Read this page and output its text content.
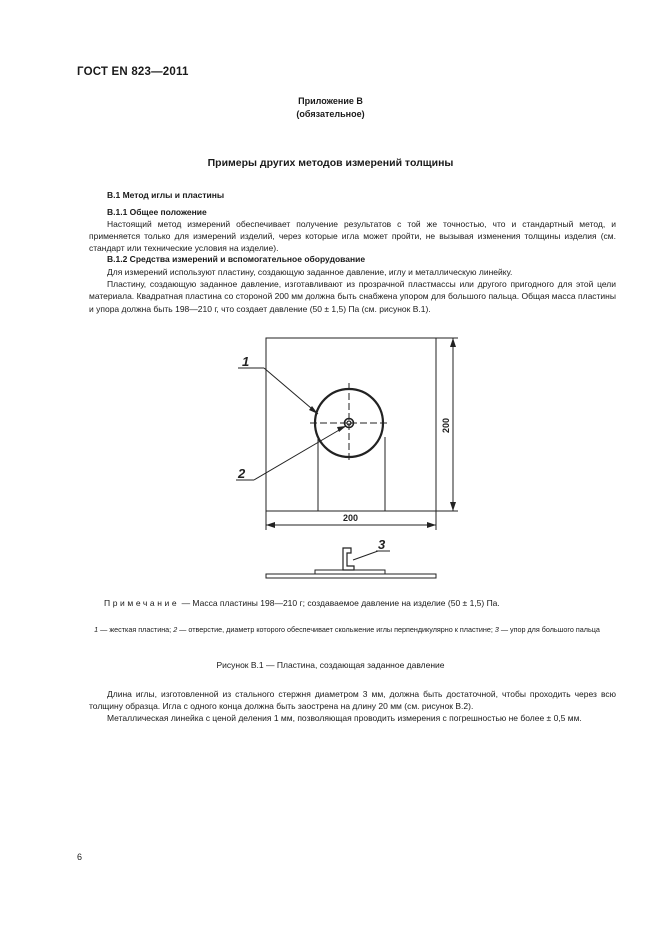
ГОСТ EN 823—2011
Приложение В
(обязательное)
Примеры других методов измерений толщины
В.1 Метод иглы и пластины
В.1.1 Общее положение

Настоящий метод измерений обеспечивает получение результатов с той же точностью, что и стандартный метод, и применяется только для измерений изделий, через которые игла может пройти, не вызывая изменения толщины изделия (см. стандарт или технические условия на изделие).

В.1.2 Средства измерений и вспомогательное оборудование

Для измерений используют пластину, создающую заданное давление, иглу и металлическую линейку.

Пластину, создающую заданное давление, изготавливают из прозрачной пластмассы или другого пригодного для этой цели материала. Квадратная пластина со стороной 200 мм должна быть снабжена упором для большого пальца. Общая масса пластины и упора должна быть 198—210 г, что создает давление (50 ± 1,5) Па (см. рисунок В.1).

1
2
200
200
3
Примечание — Масса пластины 198—210 г; создаваемое давление на изделие (50 ± 1,5) Па.
1 — жесткая пластина; 2 — отверстие, диаметр которого обеспечивает скольжение иглы перпендикулярно к пластине; 3 — упор для большого пальца
Рисунок В.1 — Пластина, создающая заданное давление

Длина иглы, изготовленной из стального стержня диаметром 3 мм, должна быть достаточной, чтобы проходить через всю толщину образца. Игла с одного конца должна быть заострена на длину 20 мм (см. рисунок В.2).

Металлическая линейка с ценой деления 1 мм, позволяющая проводить измерения с погрешностью не более ± 0,5 мм.

6
